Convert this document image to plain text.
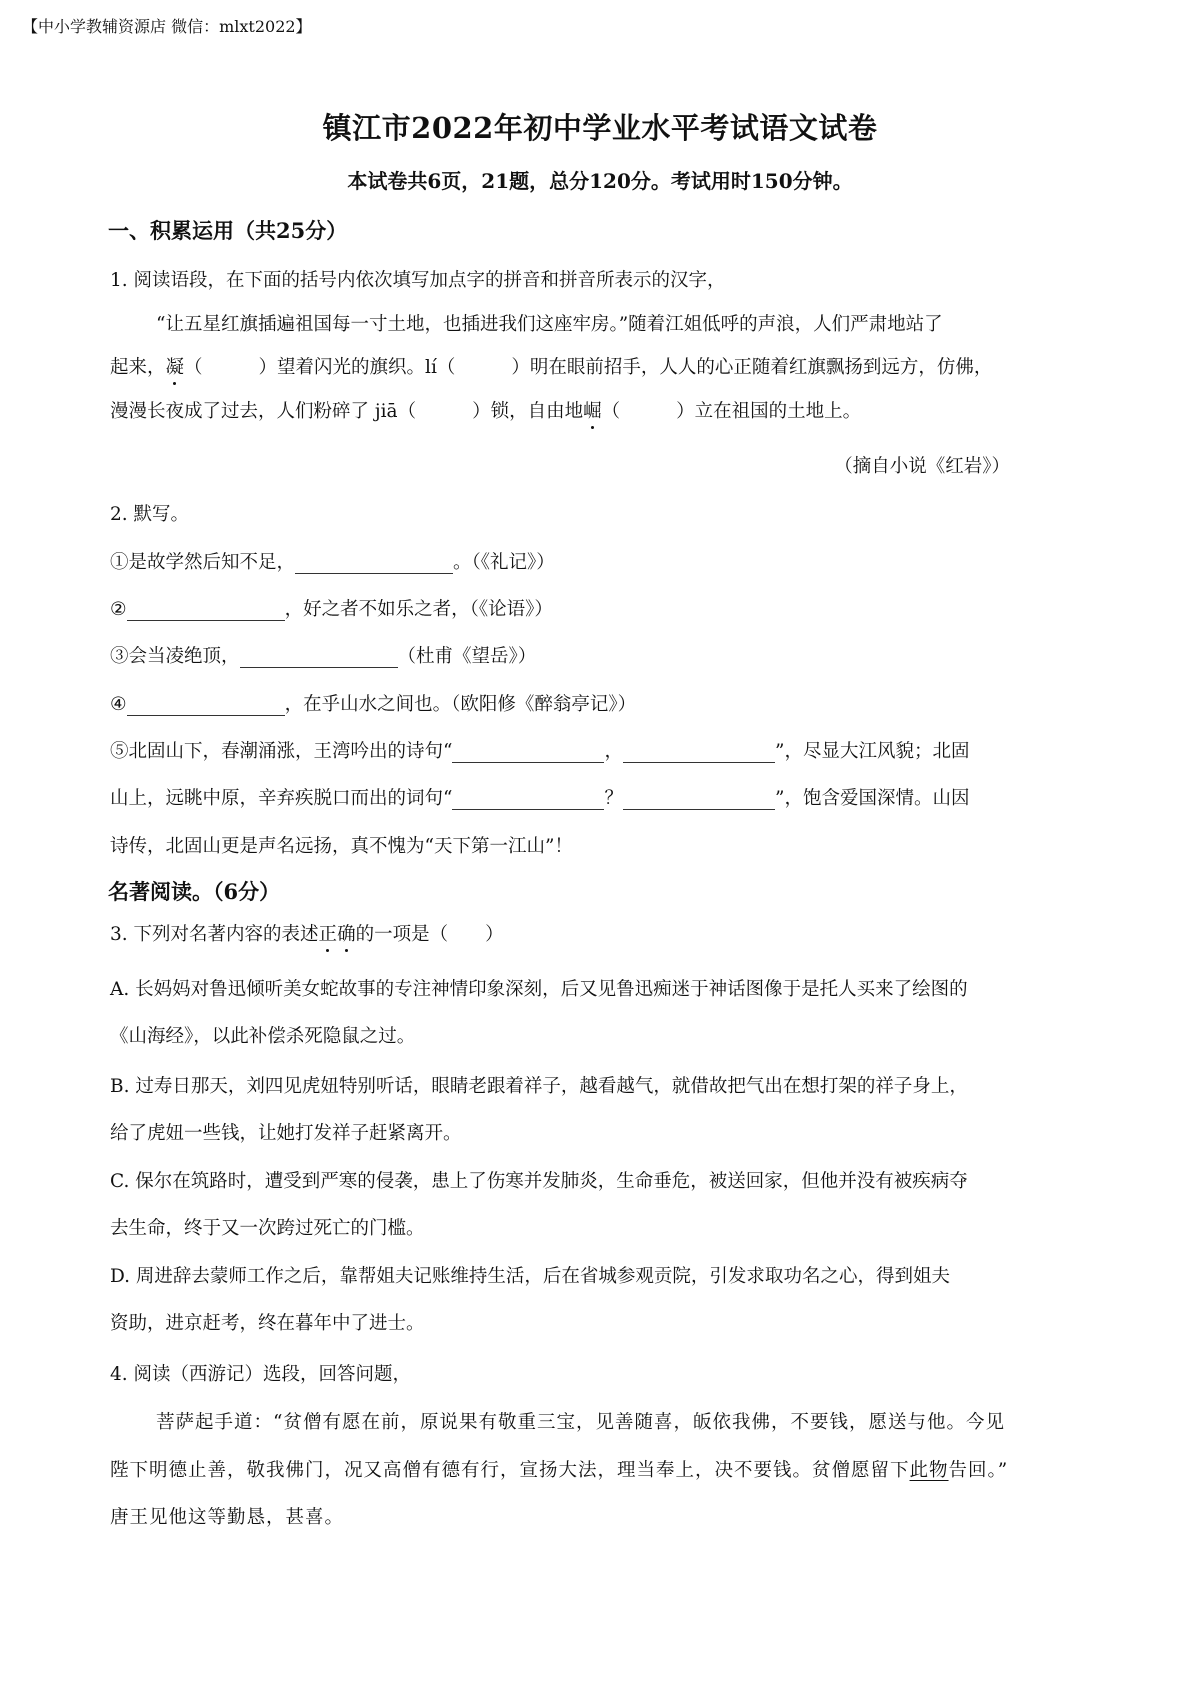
【中小学教辅资源店 微信：mlxt2022】
镇江市2022年初中学业水平考试语文试卷
本试卷共6页，21题，总分120分。考试用时150分钟。
一、积累运用（共25分）
1. 阅读语段，在下面的括号内依次填写加点字的拼音和拼音所表示的汉字，
“让五星红旗插遍祖国每一寸土地，也插进我们这座牢房。”随着江姐低呼的声浪，人们严肃地站了
起来，凝（	）望着闪光的旗织。lí（	）明在眼前招手，人人的心正随着红旗飘扬到远方，仿佛，
漫漫长夜成了过去，人们粉碎了 jiā（	）锁，自由地崛（	）立在祖国的土地上。
（摘自小说《红岩》）
2. 默写。
①是故学然后知不足，	。（《礼记》）
②	，好之者不如乐之者，（《论语》）
③会当凌绝顶，	（杜甫《望岳》）
④	，在乎山水之间也。（欧阳修《醉翁亭记》）
⑤北固山下，春潮涌涨，王湾吟出的诗句“	，	”，尽显大江风貌；北固
山上，远眺中原，辛弃疾脱口而出的词句“	？	”，饱含爱国深情。山因
诗传，北固山更是声名远扬，真不愧为“天下第一江山”！
名著阅读。（6分）
3. 下列对名著内容的表述正确的一项是（　　）
A. 长妈妈对鲁迅倾听美女蛇故事的专注神情印象深刻，后又见鲁迅痴迷于神话图像于是托人买来了绘图的
《山海经》，以此补偿杀死隐鼠之过。
B. 过寿日那天，刘四见虎妞特别听话，眼睛老跟着祥子，越看越气，就借故把气出在想打架的祥子身上，
给了虎妞一些钱，让她打发祥子赶紧离开。
C. 保尔在筑路时，遭受到严寒的侵袭，患上了伤寒并发肺炎，生命垂危，被送回家，但他并没有被疾病夺
去生命，终于又一次跨过死亡的门槛。
D. 周进辞去蒙师工作之后，靠帮姐夫记账维持生活，后在省城参观贡院，引发求取功名之心，得到姐夫
资助，进京赶考，终在暮年中了进士。
4. 阅读（西游记）选段，回答问题，
菩萨起手道：“贫僧有愿在前，原说果有敬重三宝，见善随喜，皈依我佛，不要钱，愿送与他。今见
陛下明德止善，敬我佛门，况又高僧有德有行，宣扬大法，理当奉上，决不要钱。贫僧愿留下此物告回。”
唐王见他这等勤恳，甚喜。
